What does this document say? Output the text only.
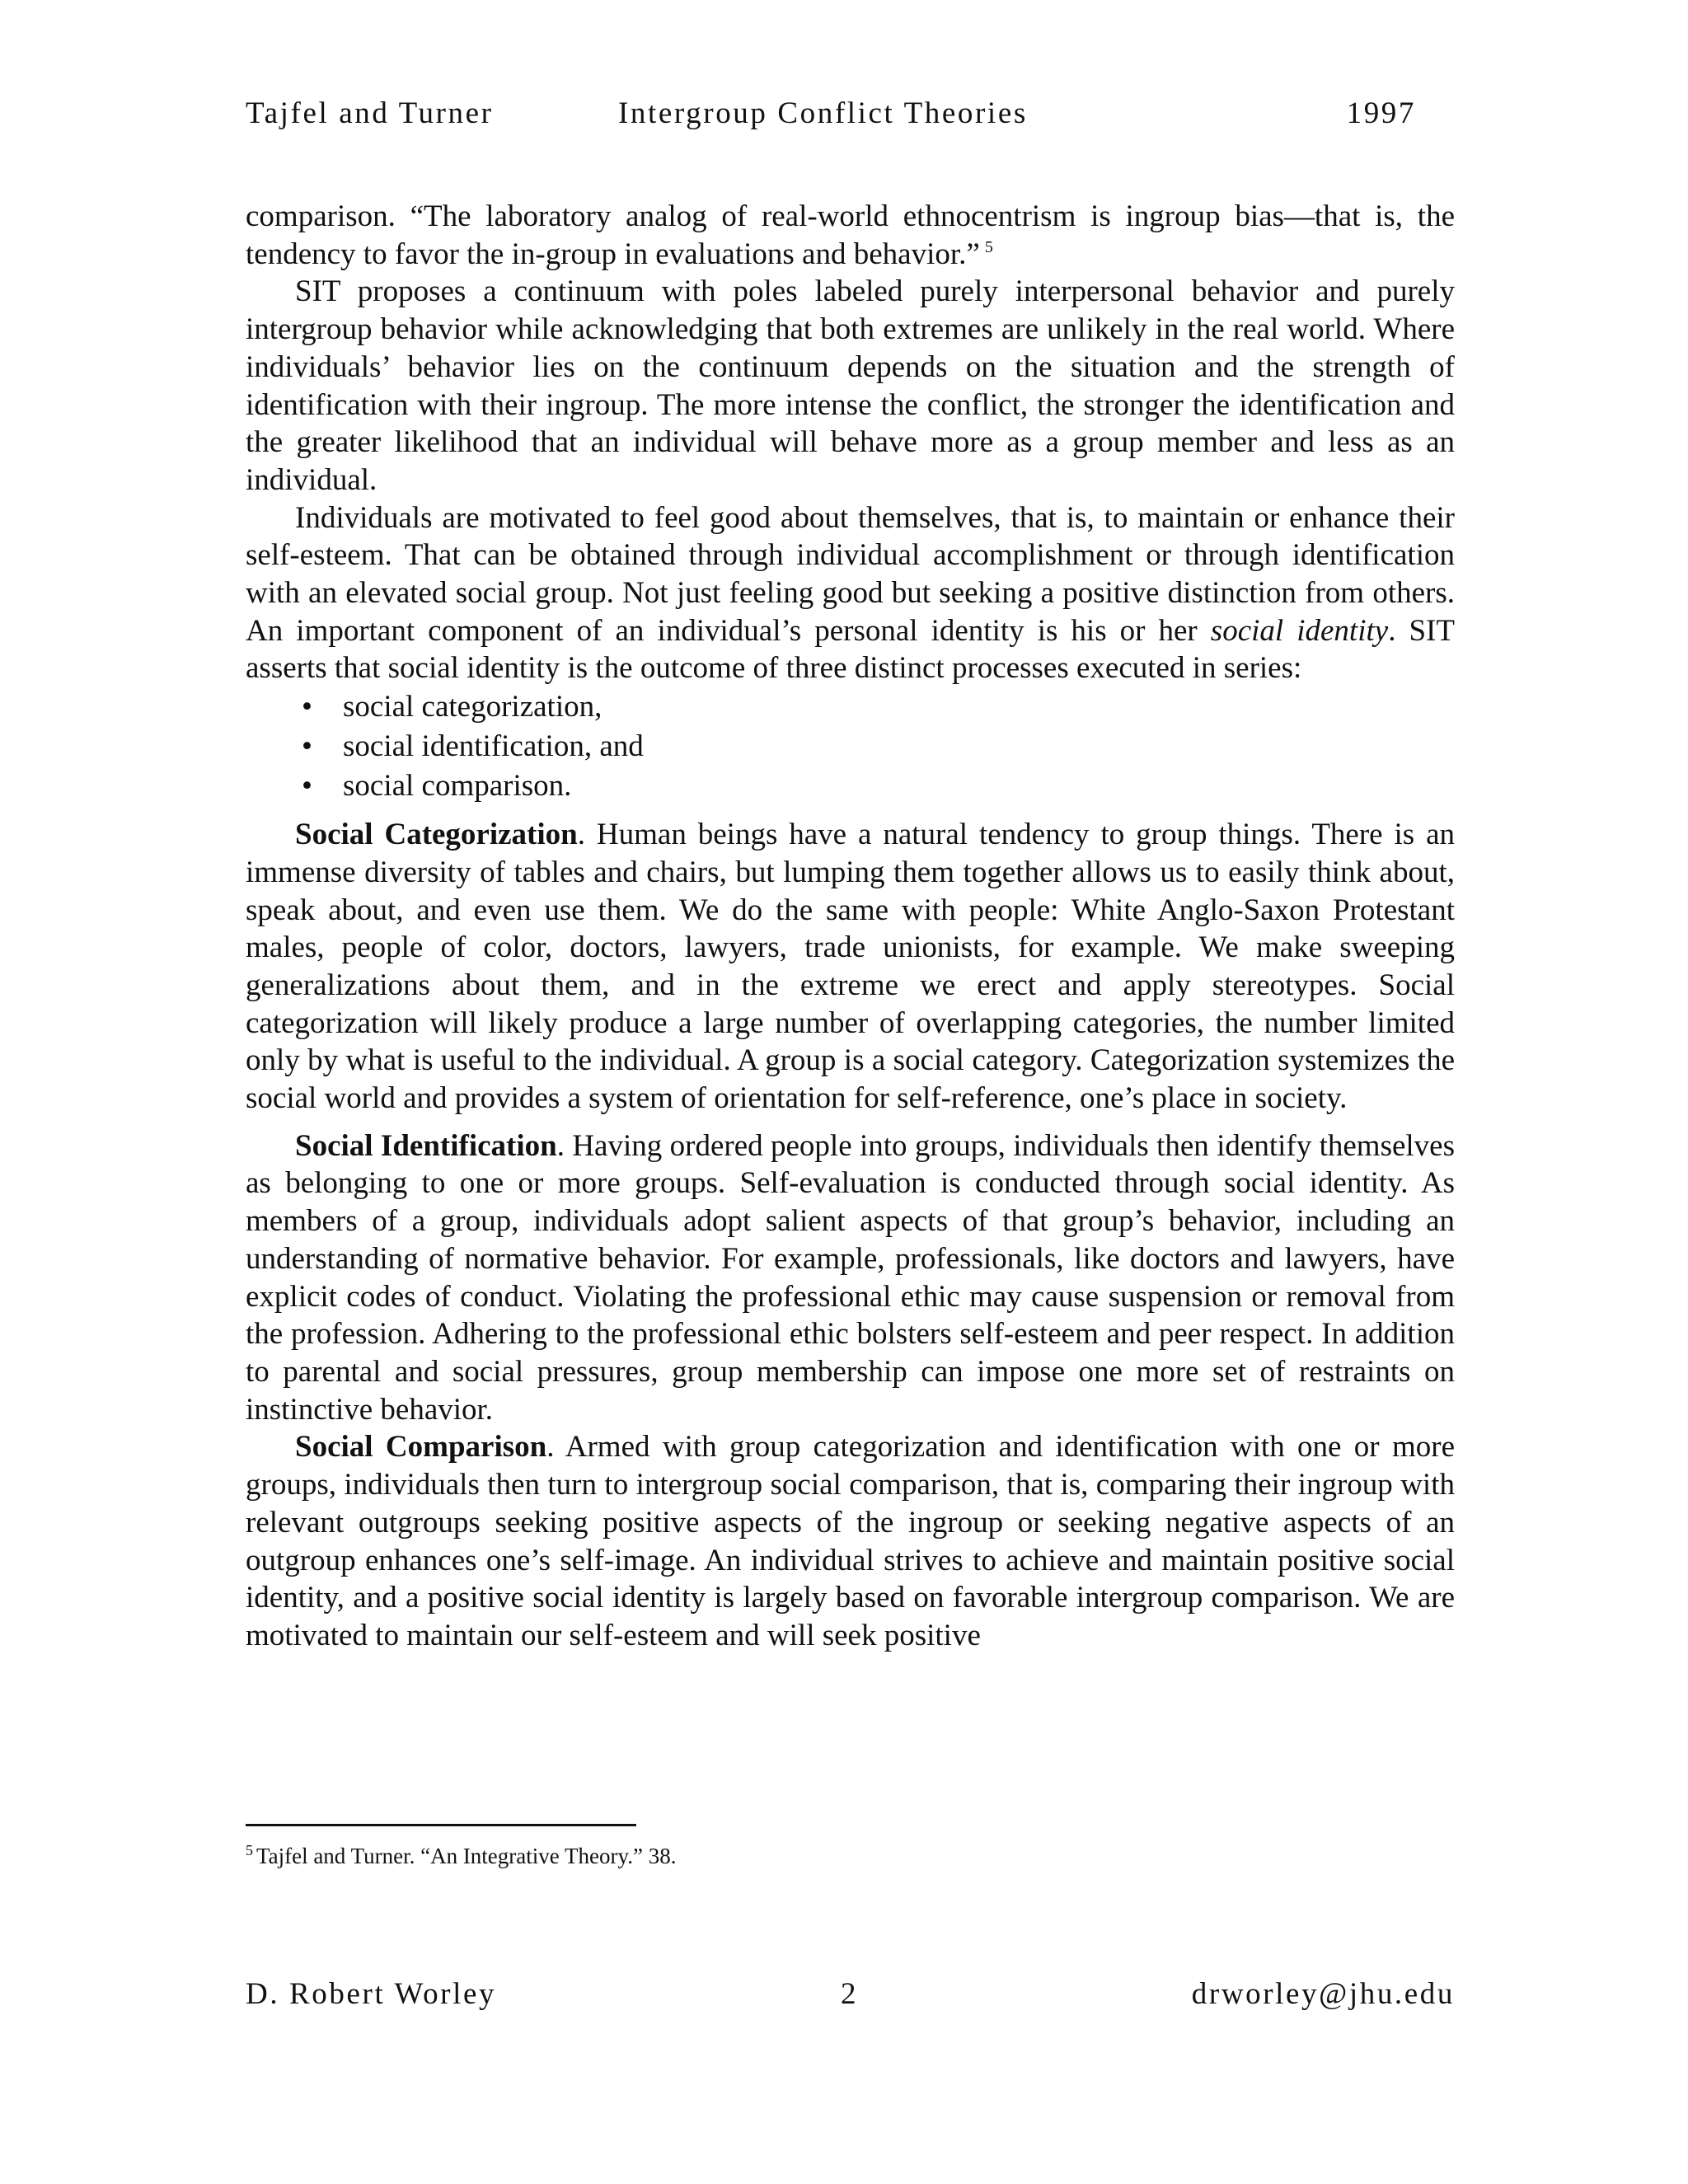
Tajfel and Turner	Intergroup Conflict Theories	1997

comparison. “The laboratory analog of real-world ethnocentrism is ingroup bias—that is, the tendency to favor the in-group in evaluations and behavior.” $^5$

SIT proposes a continuum with poles labeled purely interpersonal behavior and purely intergroup behavior while acknowledging that both extremes are unlikely in the real world. Where individuals’ behavior lies on the continuum depends on the situation and the strength of identification with their ingroup. The more intense the conflict, the stronger the identification and the greater likelihood that an individual will behave more as a group member and less as an individual.

Individuals are motivated to feel good about themselves, that is, to maintain or enhance their self-esteem. That can be obtained through individual accomplishment or through identification with an elevated social group. Not just feeling good but seeking a positive distinction from others. An important component of an individual’s personal identity is his or her social identity. SIT asserts that social identity is the outcome of three distinct processes executed in series:

• social categorization,
• social identification, and
• social comparison.

Social Categorization. Human beings have a natural tendency to group things. There is an immense diversity of tables and chairs, but lumping them together allows us to easily think about, speak about, and even use them. We do the same with people: White Anglo-Saxon Protestant males, people of color, doctors, lawyers, trade unionists, for example. We make sweeping generalizations about them, and in the extreme we erect and apply stereotypes. Social categorization will likely produce a large number of overlapping categories, the number limited only by what is useful to the individual. A group is a social category. Categorization systemizes the social world and provides a system of orientation for self-reference, one’s place in society.

Social Identification. Having ordered people into groups, individuals then identify themselves as belonging to one or more groups. Self-evaluation is conducted through social identity. As members of a group, individuals adopt salient aspects of that group’s behavior, including an understanding of normative behavior. For example, professionals, like doctors and lawyers, have explicit codes of conduct. Violating the professional ethic may cause suspension or removal from the profession. Adhering to the professional ethic bolsters self-esteem and peer respect. In addition to parental and social pressures, group membership can impose one more set of restraints on instinctive behavior.

Social Comparison. Armed with group categorization and identification with one or more groups, individuals then turn to intergroup social comparison, that is, comparing their ingroup with relevant outgroups seeking positive aspects of the ingroup or seeking negative aspects of an outgroup enhances one’s self-image. An individual strives to achieve and maintain positive social identity, and a positive social identity is largely based on favorable intergroup comparison. We are motivated to maintain our self-esteem and will seek positive

$^5$ Tajfel and Turner. “An Integrative Theory.” 38.
D. Robert Worley	2	drworley@jhu.edu
